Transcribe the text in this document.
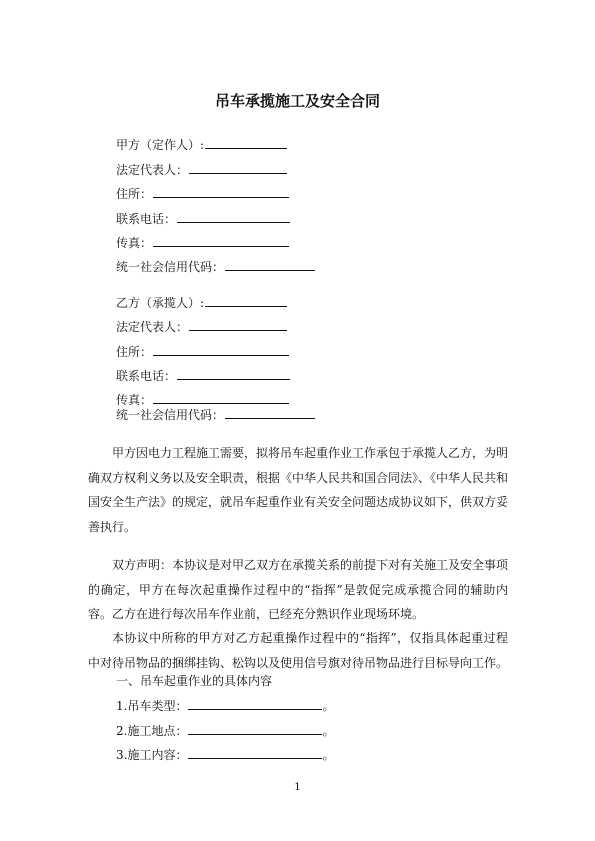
吊车承揽施工及安全合同
甲方（定作人）:
法定代表人：
住所：
联系电话：
传真：
统一社会信用代码：
乙方（承揽人）:
法定代表人：
住所：
联系电话：
传真：
统一社会信用代码：

甲方因电力工程施工需要，拟将吊车起重作业工作承包于承揽人乙方，为明确双方权利义务以及安全职责，根据《中华人民共和国合同法》、《中华人民共和国安全生产法》的规定，就吊车起重作业有关安全问题达成协议如下，供双方妥善执行。

双方声明：本协议是对甲乙双方在承揽关系的前提下对有关施工及安全事项的确定，甲方在每次起重操作过程中的“指挥”是敦促完成承揽合同的辅助内容。乙方在进行每次吊车作业前，已经充分熟识作业现场环境。

本协议中所称的甲方对乙方起重操作过程中的“指挥”，仅指具体起重过程中对待吊物品的捆绑挂钩、松钩以及使用信号旗对待吊物品进行目标导向工作。

一、吊车起重作业的具体内容
1.吊车类型：	。
2.施工地点：	。
3.施工内容：	。
1
